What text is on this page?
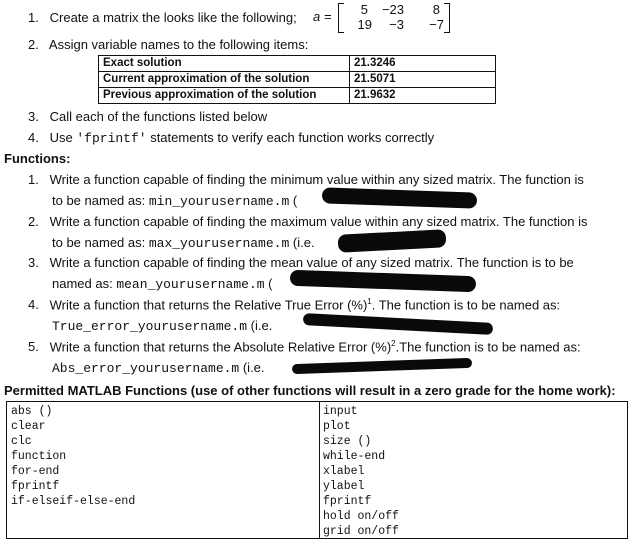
1. Create a matrix the looks like the following; a =	5	−23	8
19	−3	−7
2. Assign variable names to the following items:
Exact solution	21.3246
Current approximation of the solution	21.5071
Previous approximation of the solution	21.9632
3. Call each of the functions listed below
4. Use 'fprintf' statements to verify each function works correctly
Functions:
1. Write a function capable of finding the minimum value within any sized matrix. The function is
to be named as: min_yourusername.m (
2. Write a function capable of finding the maximum value within any sized matrix. The function is
to be named as: max_yourusername.m (i.e.
3. Write a function capable of finding the mean value of any sized matrix. The function is to be
named as: mean_yourusername.m (
4. Write a function that returns the Relative True Error (%)$^1$. The function is to be named as:
True_error_yourusername.m (i.e.
5. Write a function that returns the Absolute Relative Error (%)$^2$.The function is to be named as:
Abs_error_yourusername.m (i.e.
Permitted MATLAB Functions (use of other functions will result in a zero grade for the home work):
abs ()
clear
clc
function
for-end
fprintf
if-elseif-else-end
input
plot
size ()
while-end
xlabel
ylabel
fprintf
hold on/off
grid on/off
